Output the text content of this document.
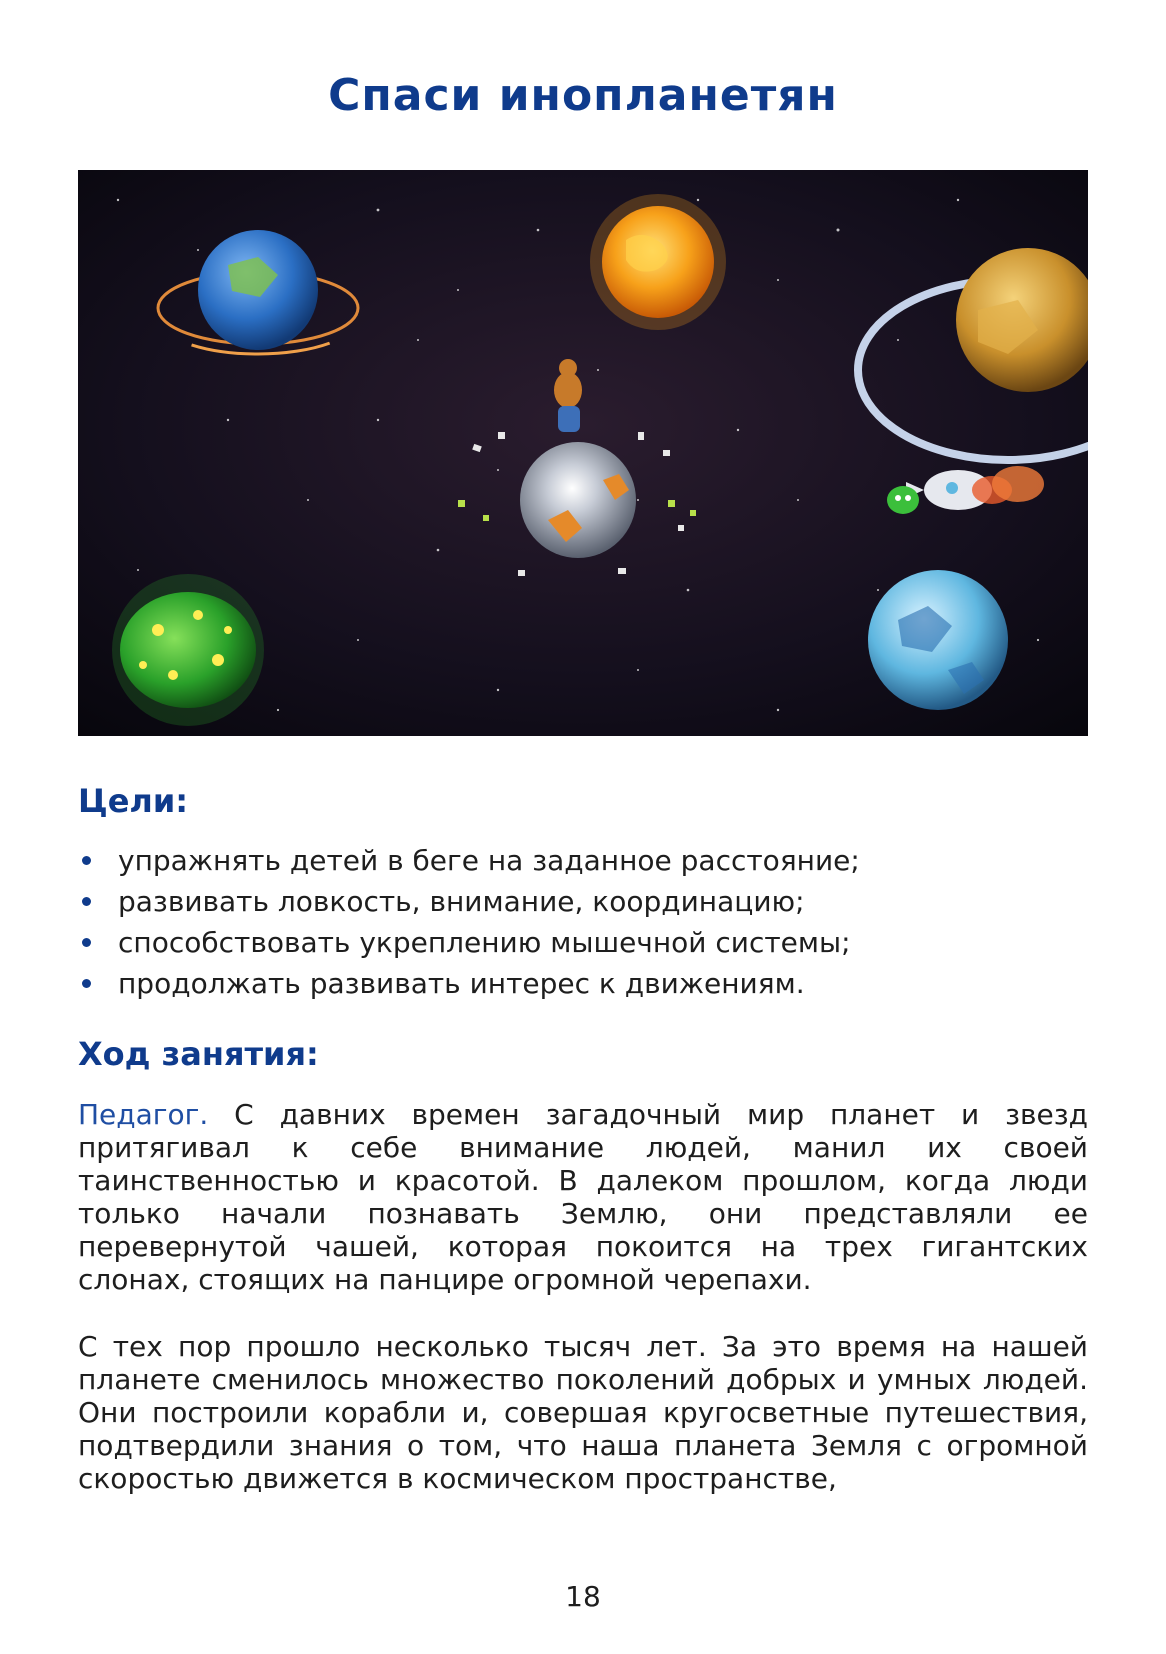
Спаси инопланетян
Цели:
упражнять детей в беге на заданное расстояние;
развивать ловкость, внимание, координацию;
способствовать укреплению мышечной системы;
продолжать развивать интерес к движениям.
Ход занятия:

Педагог. С давних времен загадочный мир планет и звезд притягивал к себе внимание людей, манил их своей таинственностью и красотой. В далеком прошлом, когда люди только начали познавать Землю, они представляли ее перевернутой чашей, которая покоится на трех гигантских слонах, стоящих на панцире огромной черепахи.

С тех пор прошло несколько тысяч лет. За это время на нашей планете сменилось множество поколений добрых и умных людей. Они построили корабли и, совершая кругосветные путешествия, подтвердили знания о том, что наша планета Земля с огромной скоростью движется в космическом пространстве,

18
